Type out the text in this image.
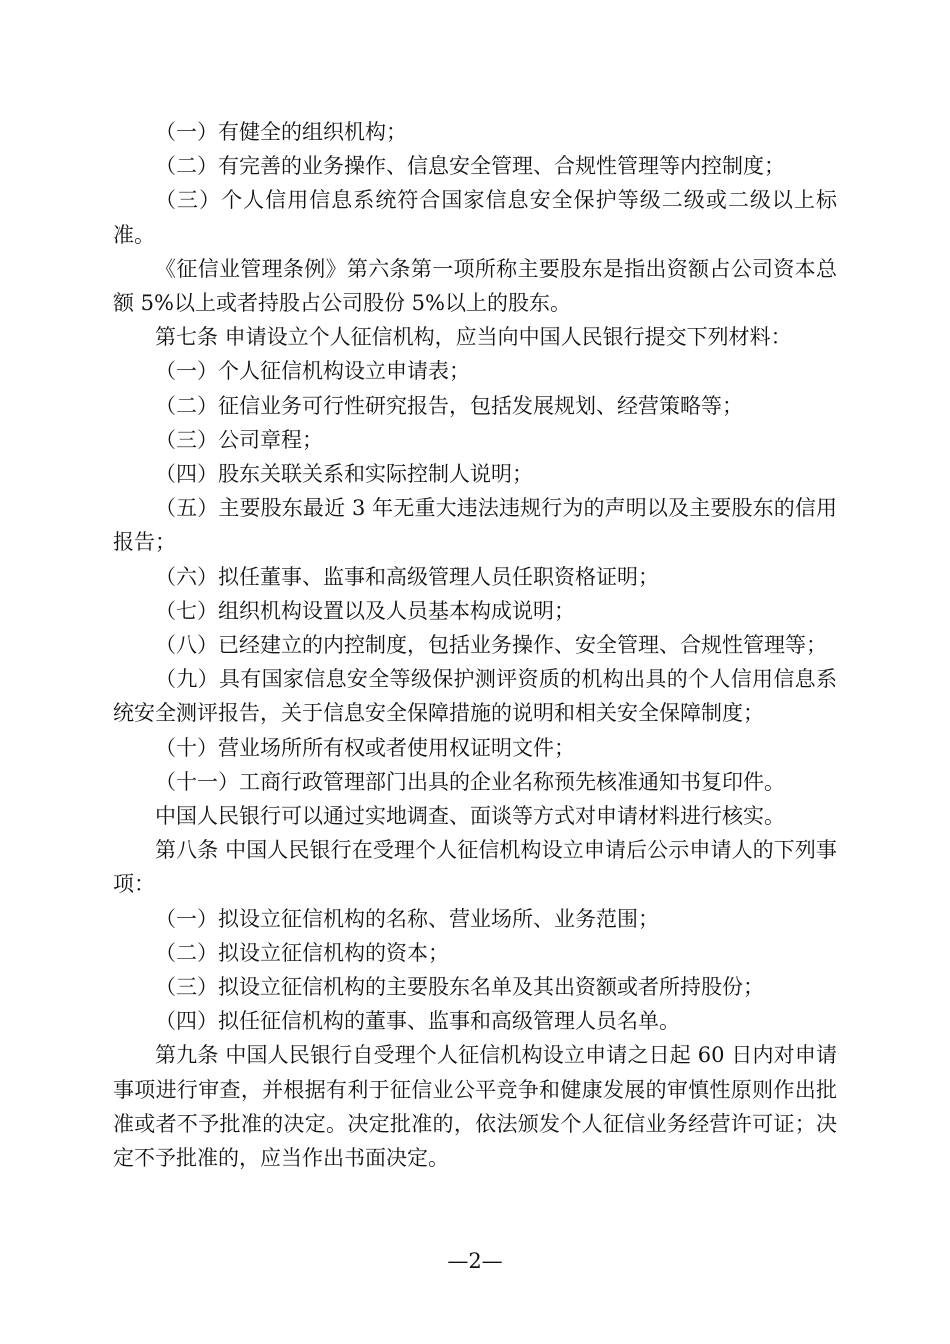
（一）有健全的组织机构；

（二）有完善的业务操作、信息安全管理、合规性管理等内控制度；

（三）个人信用信息系统符合国家信息安全保护等级二级或二级以上标准。

《征信业管理条例》第六条第一项所称主要股东是指出资额占公司资本总额 5%以上或者持股占公司股份 5%以上的股东。

第七条 申请设立个人征信机构，应当向中国人民银行提交下列材料：

（一）个人征信机构设立申请表；

（二）征信业务可行性研究报告，包括发展规划、经营策略等；

（三）公司章程；

（四）股东关联关系和实际控制人说明；

（五）主要股东最近 3 年无重大违法违规行为的声明以及主要股东的信用报告；

（六）拟任董事、监事和高级管理人员任职资格证明；

（七）组织机构设置以及人员基本构成说明；

（八）已经建立的内控制度，包括业务操作、安全管理、合规性管理等；

（九）具有国家信息安全等级保护测评资质的机构出具的个人信用信息系统安全测评报告，关于信息安全保障措施的说明和相关安全保障制度；

（十）营业场所所有权或者使用权证明文件；

（十一）工商行政管理部门出具的企业名称预先核准通知书复印件。

中国人民银行可以通过实地调查、面谈等方式对申请材料进行核实。

第八条 中国人民银行在受理个人征信机构设立申请后公示申请人的下列事项：

（一）拟设立征信机构的名称、营业场所、业务范围；

（二）拟设立征信机构的资本；

（三）拟设立征信机构的主要股东名单及其出资额或者所持股份；

（四）拟任征信机构的董事、监事和高级管理人员名单。

第九条 中国人民银行自受理个人征信机构设立申请之日起 60 日内对申请事项进行审查，并根据有利于征信业公平竞争和健康发展的审慎性原则作出批准或者不予批准的决定。决定批准的，依法颁发个人征信业务经营许可证；决定不予批准的，应当作出书面决定。

—2—
